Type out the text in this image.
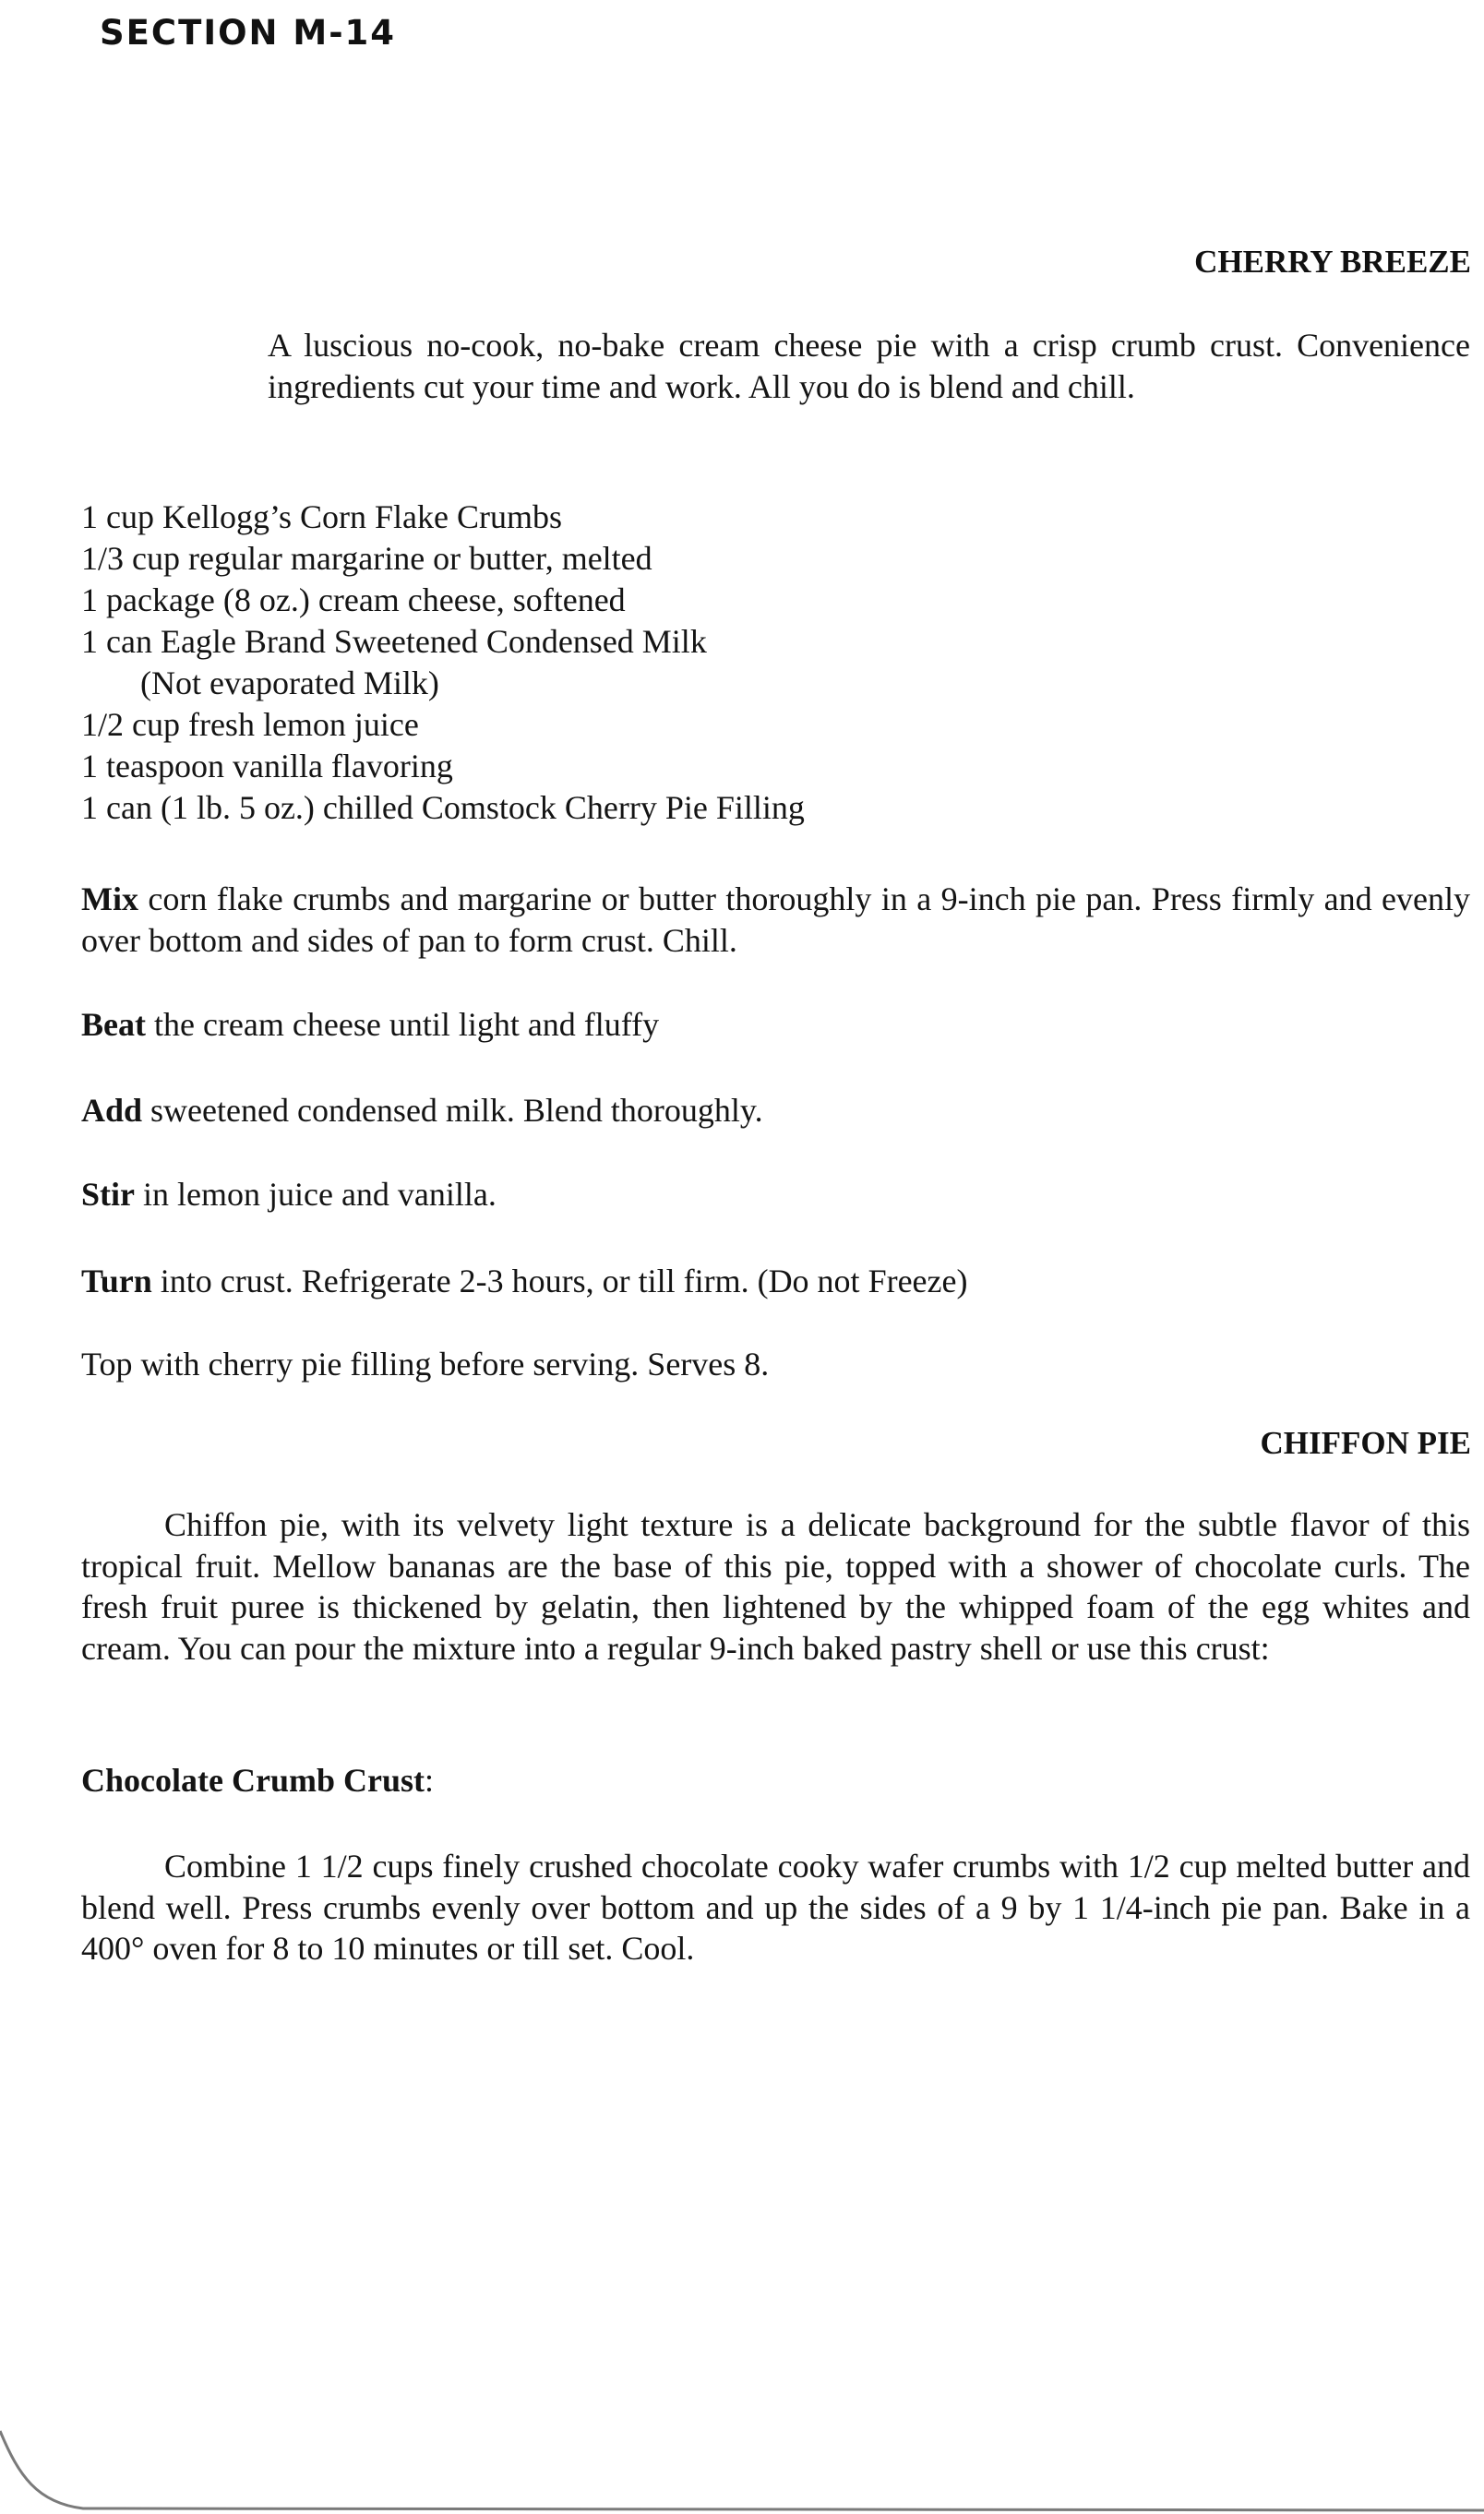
SECTION M-14
CHERRY BREEZE
A luscious no-cook, no-bake cream cheese pie with a crisp crumb crust. Convenience ingredients cut your time and work. All you do is blend and chill.
1 cup Kellogg’s Corn Flake Crumbs
1/3 cup regular margarine or butter, melted
1 package (8 oz.) cream cheese, softened
1 can Eagle Brand Sweetened Condensed Milk
(Not evaporated Milk)
1/2 cup fresh lemon juice
1 teaspoon vanilla flavoring
1 can (1 lb. 5 oz.) chilled Comstock Cherry Pie Filling
Mix corn flake crumbs and margarine or butter thoroughly in a 9-inch pie pan. Press firmly and evenly over bottom and sides of pan to form crust. Chill.
Beat the cream cheese until light and fluffy
Add sweetened condensed milk. Blend thoroughly.
Stir in lemon juice and vanilla.
Turn into crust. Refrigerate 2-3 hours, or till firm. (Do not Freeze)
Top with cherry pie filling before serving. Serves 8.
CHIFFON PIE
Chiffon pie, with its velvety light texture is a delicate background for the subtle flavor of this tropical fruit. Mellow bananas are the base of this pie, topped with a shower of chocolate curls. The fresh fruit puree is thickened by gelatin, then lightened by the whipped foam of the egg whites and cream. You can pour the mixture into a regular 9-inch baked pastry shell or use this crust:
Chocolate Crumb Crust:
Combine 1 1/2 cups finely crushed chocolate cooky wafer crumbs with 1/2 cup melted butter and blend well. Press crumbs evenly over bottom and up the sides of a 9 by 1 1/4-inch pie pan. Bake in a 400° oven for 8 to 10 minutes or till set. Cool.
